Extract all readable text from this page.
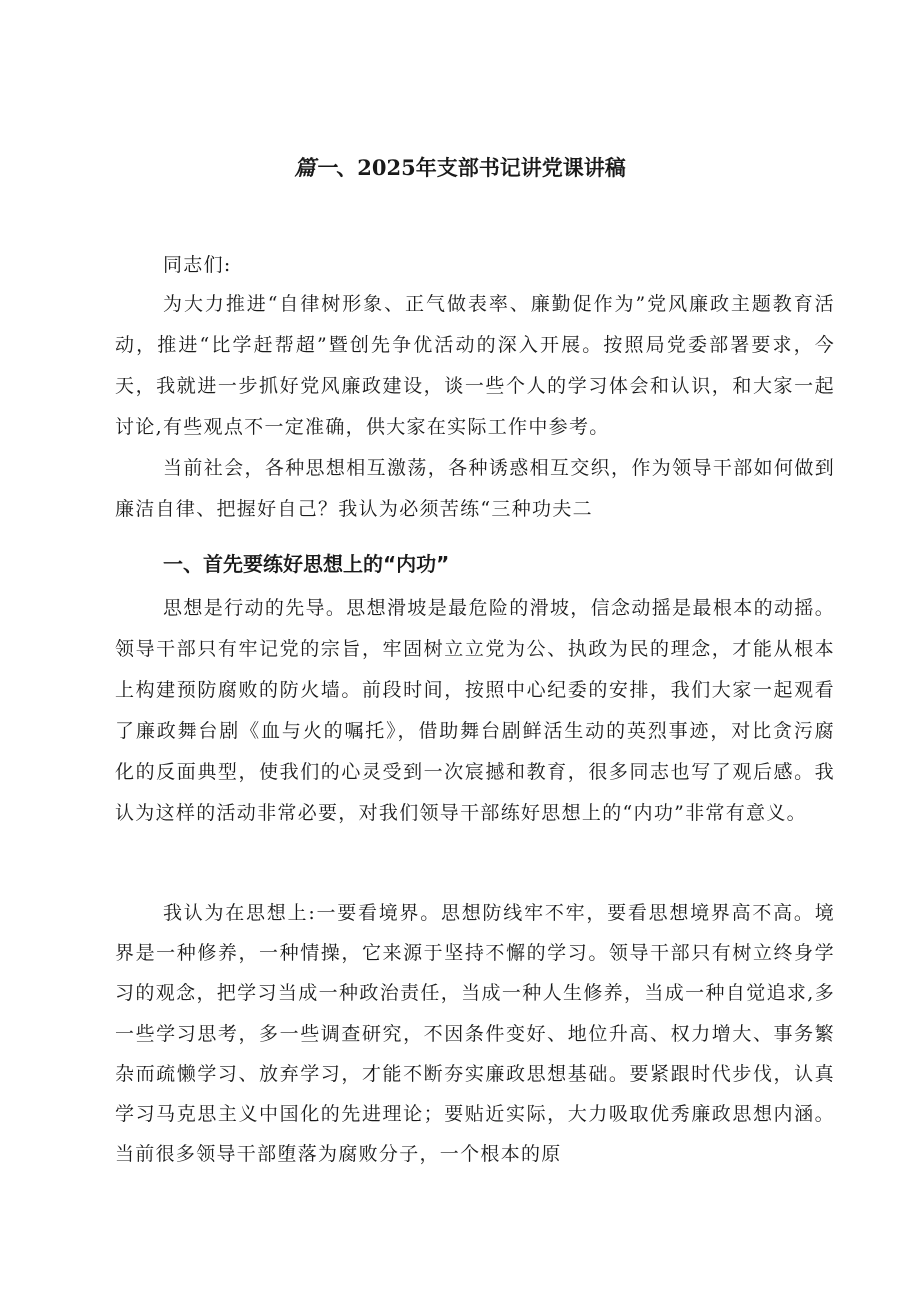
篇一、2025年支部书记讲党课讲稿
同志们:
为大力推进“自律树形象、正气做表率、廉勤促作为”党风廉政主题教育活动，推进“比学赶帮超”暨创先争优活动的深入开展。按照局党委部署要求，今天，我就进一步抓好党风廉政建设，谈一些个人的学习体会和认识，和大家一起讨论,有些观点不一定准确，供大家在实际工作中参考。
当前社会，各种思想相互激荡，各种诱惑相互交织，作为领导干部如何做到廉洁自律、把握好自己？我认为必须苦练“三种功夫二
一、首先要练好思想上的“内功”
思想是行动的先导。思想滑坡是最危险的滑坡，信念动摇是最根本的动摇。领导干部只有牢记党的宗旨，牢固树立立党为公、执政为民的理念，才能从根本上构建预防腐败的防火墙。前段时间，按照中心纪委的安排，我们大家一起观看了廉政舞台剧《血与火的嘱托》，借助舞台剧鲜活生动的英烈事迹，对比贪污腐化的反面典型，使我们的心灵受到一次宸撼和教育，很多同志也写了观后感。我认为这样的活动非常必要，对我们领导干部练好思想上的“内功”非常有意义。
我认为在思想上:一要看境界。思想防线牢不牢，要看思想境界高不高。境界是一种修养，一种情操，它来源于坚持不懈的学习。领导干部只有树立终身学习的观念，把学习当成一种政治责任，当成一种人生修养，当成一种自觉追求,多一些学习思考，多一些调查研究，不因条件变好、地位升高、权力增大、事务繁杂而疏懒学习、放弃学习，才能不断夯实廉政思想基础。要紧跟时代步伐，认真学习马克思主义中国化的先进理论；要贴近实际，大力吸取优秀廉政思想内涵。当前很多领导干部堕落为腐败分子，一个根本的原
